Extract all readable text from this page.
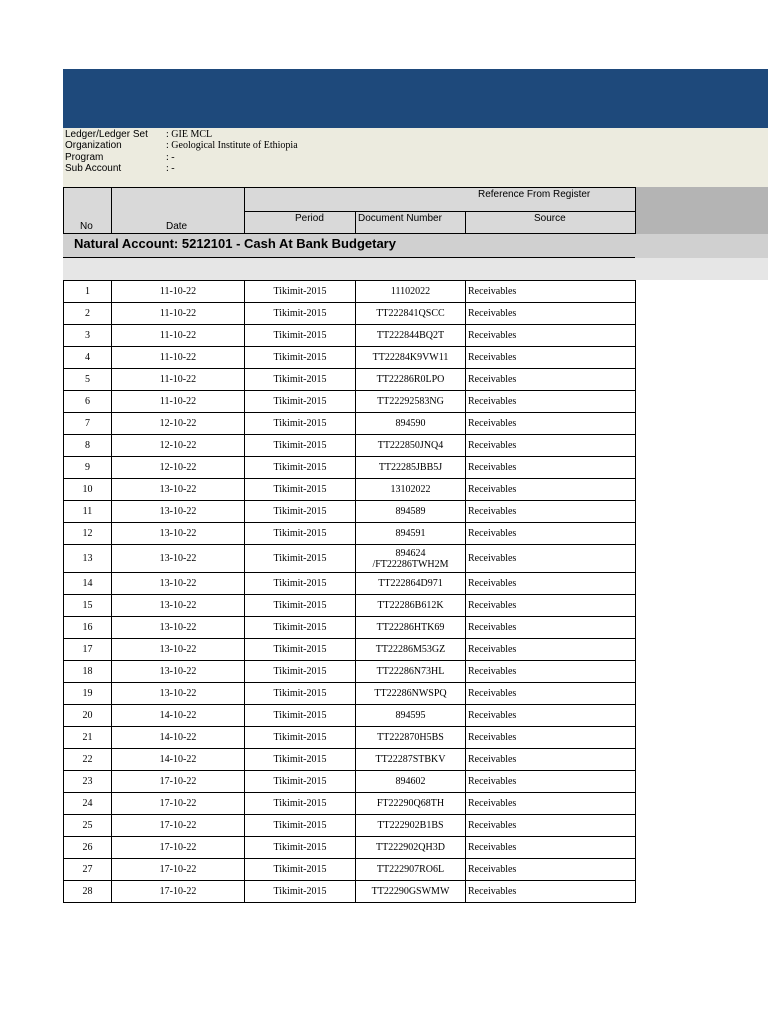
Ledger/Ledger Set : GIE MCL
Organization	: Geological Institute of Ethiopia
Program	: -
Sub Account	: -
No	Date
Reference From Register
Period	Document Number	Source
Natural Account: 5212101 - Cash At Bank Budgetary
1	11-10-22	Tikimit-2015	11102022	Receivables
2	11-10-22	Tikimit-2015	TT222841QSCC	Receivables
3	11-10-22	Tikimit-2015	TT222844BQ2T	Receivables
4	11-10-22	Tikimit-2015	TT22284K9VW11	Receivables
5	11-10-22	Tikimit-2015	TT22286R0LPO	Receivables
6	11-10-22	Tikimit-2015	TT22292583NG	Receivables
7	12-10-22	Tikimit-2015	894590	Receivables
8	12-10-22	Tikimit-2015	TT222850JNQ4	Receivables
9	12-10-22	Tikimit-2015	TT22285JBB5J	Receivables
10	13-10-22	Tikimit-2015	13102022	Receivables
11	13-10-22	Tikimit-2015	894589	Receivables
12	13-10-22	Tikimit-2015	894591	Receivables
13	13-10-22	Tikimit-2015	894624
/FT22286TWH2M	Receivables
14	13-10-22	Tikimit-2015	TT222864D971	Receivables
15	13-10-22	Tikimit-2015	TT22286B612K	Receivables
16	13-10-22	Tikimit-2015	TT22286HTK69	Receivables
17	13-10-22	Tikimit-2015	TT22286M53GZ	Receivables
18	13-10-22	Tikimit-2015	TT22286N73HL	Receivables
19	13-10-22	Tikimit-2015	TT22286NWSPQ	Receivables
20	14-10-22	Tikimit-2015	894595	Receivables
21	14-10-22	Tikimit-2015	TT222870H5BS	Receivables
22	14-10-22	Tikimit-2015	TT22287STBKV	Receivables
23	17-10-22	Tikimit-2015	894602	Receivables
24	17-10-22	Tikimit-2015	FT22290Q68TH	Receivables
25	17-10-22	Tikimit-2015	TT222902B1BS	Receivables
26	17-10-22	Tikimit-2015	TT222902QH3D	Receivables
27	17-10-22	Tikimit-2015	TT222907RO6L	Receivables
28	17-10-22	Tikimit-2015	TT22290GSWMW	Receivables
